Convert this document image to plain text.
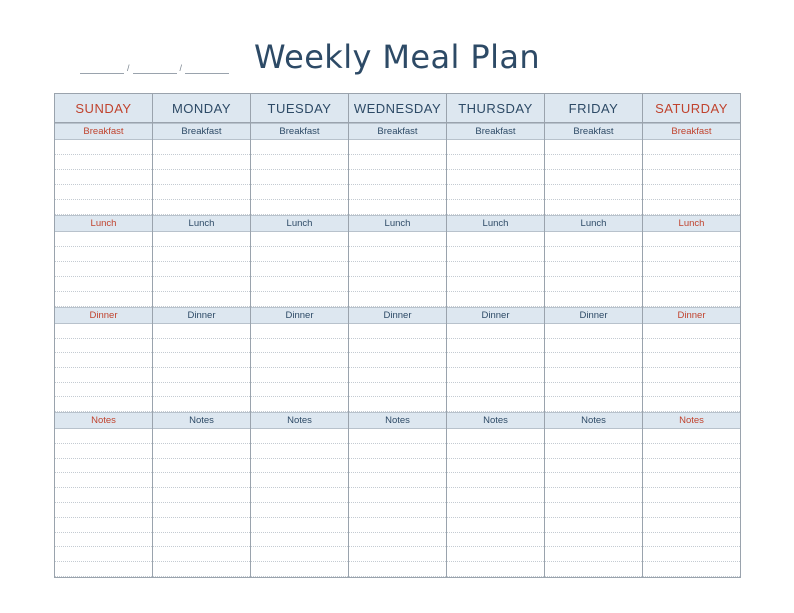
/	/	Weekly Meal Plan
SUNDAY
Breakfast
Lunch
Dinner
Notes
MONDAY
Breakfast
Lunch
Dinner
Notes
TUESDAY
Breakfast
Lunch
Dinner
Notes
WEDNESDAY
Breakfast
Lunch
Dinner
Notes
THURSDAY
Breakfast
Lunch
Dinner
Notes
FRIDAY
Breakfast
Lunch
Dinner
Notes
SATURDAY
Breakfast
Lunch
Dinner
Notes
